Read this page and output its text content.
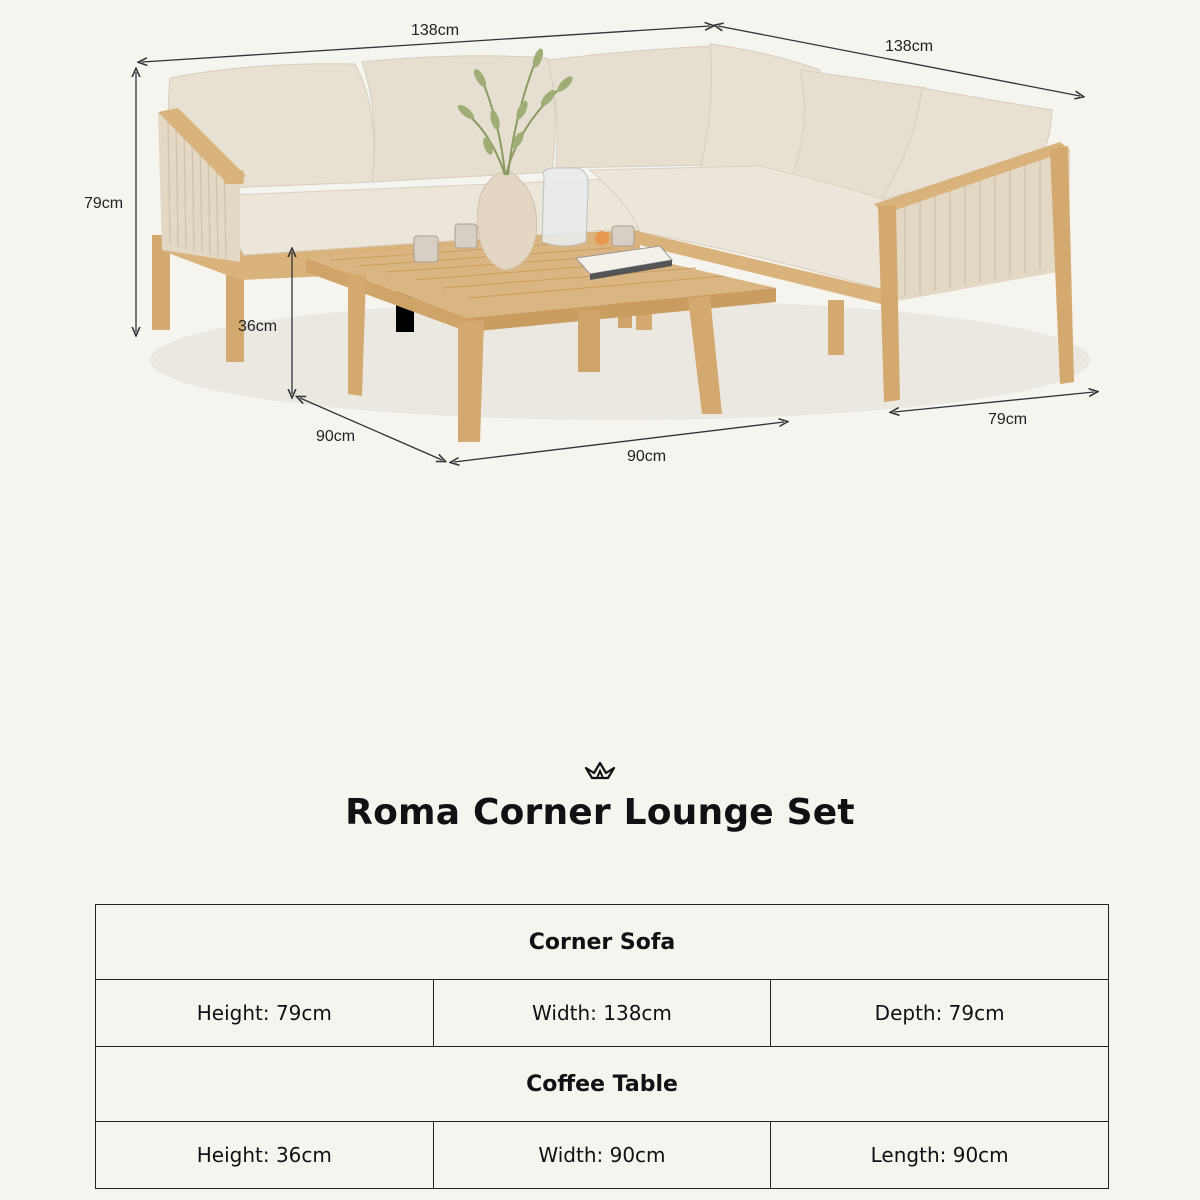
138cm
138cm
79cm
36cm
90cm
90cm
79cm
Roma Corner Lounge Set
Corner Sofa		
Height: 79cm	Width: 138cm	Depth: 79cm
Coffee Table		
Height: 36cm	Width: 90cm	Length: 90cm
